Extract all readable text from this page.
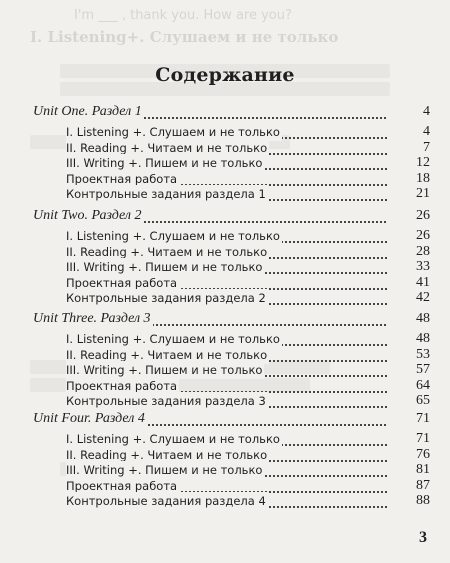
I'm ___ , thank you. How are you?
I. Listening+. Слушаем и не только
Содержание
Unit One. Раздел 1	4
I. Listening +. Слушаем и не только	4
II. Reading +. Читаем и не только	7
III. Writing +. Пишем и не только	12
Проектная работа	18
Контрольные задания раздела 1	21
Unit Two. Раздел 2	26
I. Listening +. Слушаем и не только	26
II. Reading +. Читаем и не только	28
III. Writing +. Пишем и не только	33
Проектная работа	41
Контрольные задания раздела 2	42
Unit Three. Раздел 3	48
I. Listening +. Слушаем и не только	48
II. Reading +. Читаем и не только	53
III. Writing +. Пишем и не только	57
Проектная работа	64
Контрольные задания раздела 3	65
Unit Four. Раздел 4	71
I. Listening +. Слушаем и не только	71
II. Reading +. Читаем и не только	76
III. Writing +. Пишем и не только	81
Проектная работа	87
Контрольные задания раздела 4	88
3
